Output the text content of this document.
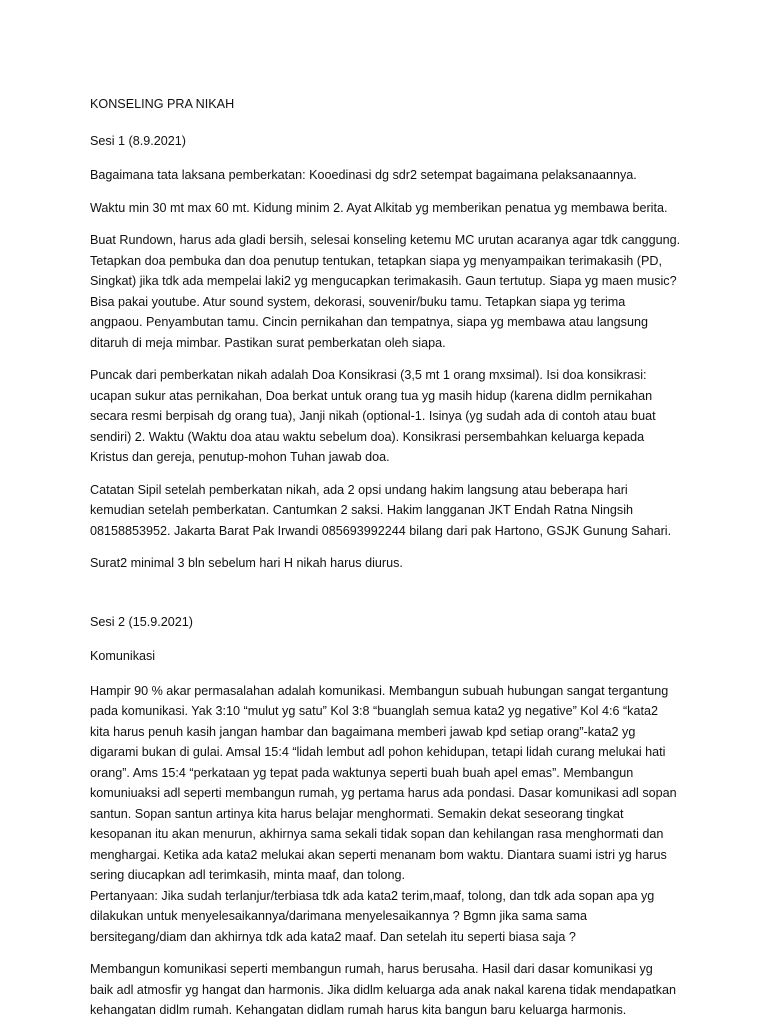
KONSELING PRA NIKAH

Sesi 1 (8.9.2021)

Bagaimana tata laksana pemberkatan: Kooedinasi dg sdr2 setempat bagaimana pelaksanaannya.

Waktu min 30 mt max 60 mt. Kidung minim 2. Ayat Alkitab yg memberikan penatua yg membawa berita.

Buat Rundown, harus ada gladi bersih, selesai konseling ketemu MC urutan acaranya agar tdk canggung.
Tetapkan doa pembuka dan doa penutup tentukan, tetapkan siapa yg menyampaikan terimakasih (PD,
Singkat) jika tdk ada mempelai laki2 yg mengucapkan terimakasih. Gaun tertutup. Siapa yg maen music?
Bisa pakai youtube. Atur sound system, dekorasi, souvenir/buku tamu. Tetapkan siapa yg terima
angpaou. Penyambutan tamu. Cincin pernikahan dan tempatnya, siapa yg membawa atau langsung
ditaruh di meja mimbar. Pastikan surat pemberkatan oleh siapa.

Puncak dari pemberkatan nikah adalah Doa Konsikrasi (3,5 mt 1 orang mxsimal). Isi doa konsikrasi:
ucapan sukur atas pernikahan, Doa berkat untuk orang tua yg masih hidup (karena didlm pernikahan
secara resmi berpisah dg orang tua), Janji nikah (optional-1. Isinya (yg sudah ada di contoh atau buat
sendiri) 2. Waktu (Waktu doa atau waktu sebelum doa). Konsikrasi persembahkan keluarga kepada
Kristus dan gereja, penutup-mohon Tuhan jawab doa.

Catatan Sipil setelah pemberkatan nikah, ada 2 opsi undang hakim langsung atau beberapa hari
kemudian setelah pemberkatan. Cantumkan 2 saksi. Hakim langganan JKT Endah Ratna Ningsih
08158853952. Jakarta Barat Pak Irwandi 085693992244 bilang dari pak Hartono, GSJK Gunung Sahari.

Surat2 minimal 3 bln sebelum hari H nikah harus diurus.

Sesi 2 (15.9.2021)

Komunikasi

Hampir 90 % akar permasalahan adalah komunikasi. Membangun subuah hubungan sangat tergantung
pada komunikasi. Yak 3:10 “mulut yg satu” Kol 3:8 “buanglah semua kata2 yg negative” Kol 4:6 “kata2
kita harus penuh kasih jangan hambar dan bagaimana memberi jawab kpd setiap orang”-kata2 yg
digarami bukan di gulai. Amsal 15:4 “lidah lembut adl pohon kehidupan, tetapi lidah curang melukai hati
orang”. Ams 15:4 “perkataan yg tepat pada waktunya seperti buah buah apel emas”. Membangun
komuniuaksi adl seperti membangun rumah, yg pertama harus ada pondasi. Dasar komunikasi adl sopan
santun. Sopan santun artinya kita harus belajar menghormati. Semakin dekat seseorang tingkat
kesopanan itu akan menurun, akhirnya sama sekali tidak sopan dan kehilangan rasa menghormati dan
menghargai. Ketika ada kata2 melukai akan seperti menanam bom waktu. Diantara suami istri yg harus
sering diucapkan adl terimkasih, minta maaf, dan tolong.

Pertanyaan: Jika sudah terlanjur/terbiasa tdk ada kata2 terim,maaf, tolong, dan tdk ada sopan apa yg
dilakukan untuk menyelesaikannya/darimana menyelesaikannya ? Bgmn jika sama sama
bersitegang/diam dan akhirnya tdk ada kata2 maaf. Dan setelah itu seperti biasa saja ?

Membangun komunikasi seperti membangun rumah, harus berusaha. Hasil dari dasar komunikasi yg
baik adl atmosfir yg hangat dan harmonis. Jika didlm keluarga ada anak nakal karena tidak mendapatkan
kehangatan didlm rumah. Kehangatan didlam rumah harus kita bangun baru keluarga harmonis.
